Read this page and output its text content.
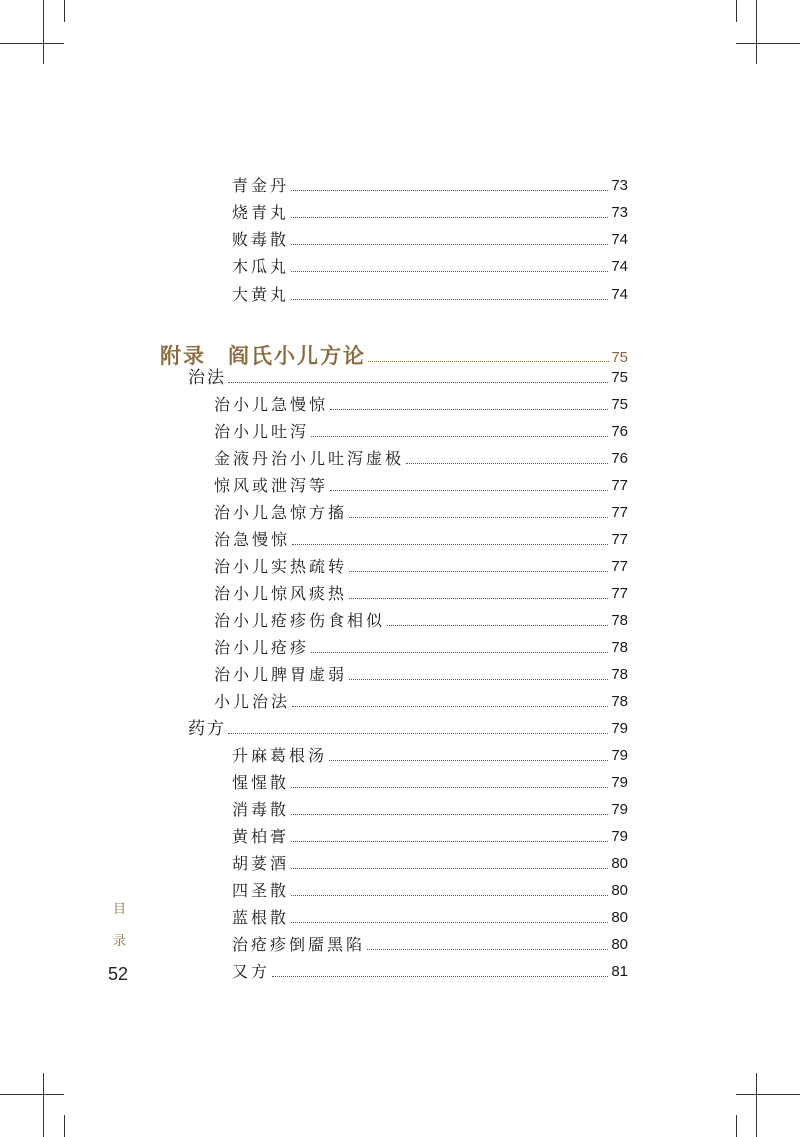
青金丹	73
烧青丸	73
败毒散	74
木瓜丸	74
大黄丸	74
附录 阎氏小儿方论	75
治法	75
治小儿急慢惊	75
治小儿吐泻	76
金液丹治小儿吐泻虚极	76
惊风或泄泻等	77
治小儿急惊方搐	77
治急慢惊	77
治小儿实热疏转	77
治小儿惊风痰热	77
治小儿疮疹伤食相似	78
治小儿疮疹	78
治小儿脾胃虚弱	78
小儿治法	78
药方	79
升麻葛根汤	79
惺惺散	79
消毒散	79
黄柏膏	79
胡荽酒	80
四圣散	80
蓝根散	80
治疮疹倒靥黑陷	80
又方	81
目
录
52
